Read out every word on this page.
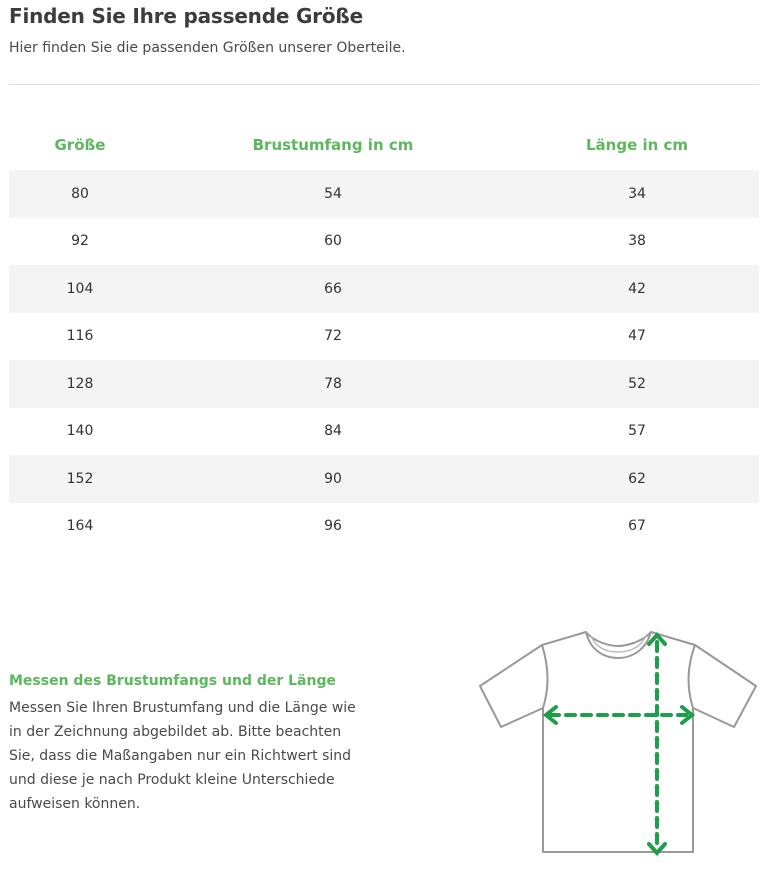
Finden Sie Ihre passende Größe

Hier finden Sie die passenden Größen unserer Oberteile.

Größe	Brustumfang in cm	Länge in cm
80	54	34
92	60	38
104	66	42
116	72	47
128	78	52
140	84	57
152	90	62
164	96	67
Messen des Brustumfangs und der Länge

Messen Sie Ihren Brustumfang und die Länge wie in der Zeichnung abgebildet ab. Bitte beachten Sie, dass die Maßangaben nur ein Richtwert sind und diese je nach Produkt kleine Unterschiede aufweisen können.
